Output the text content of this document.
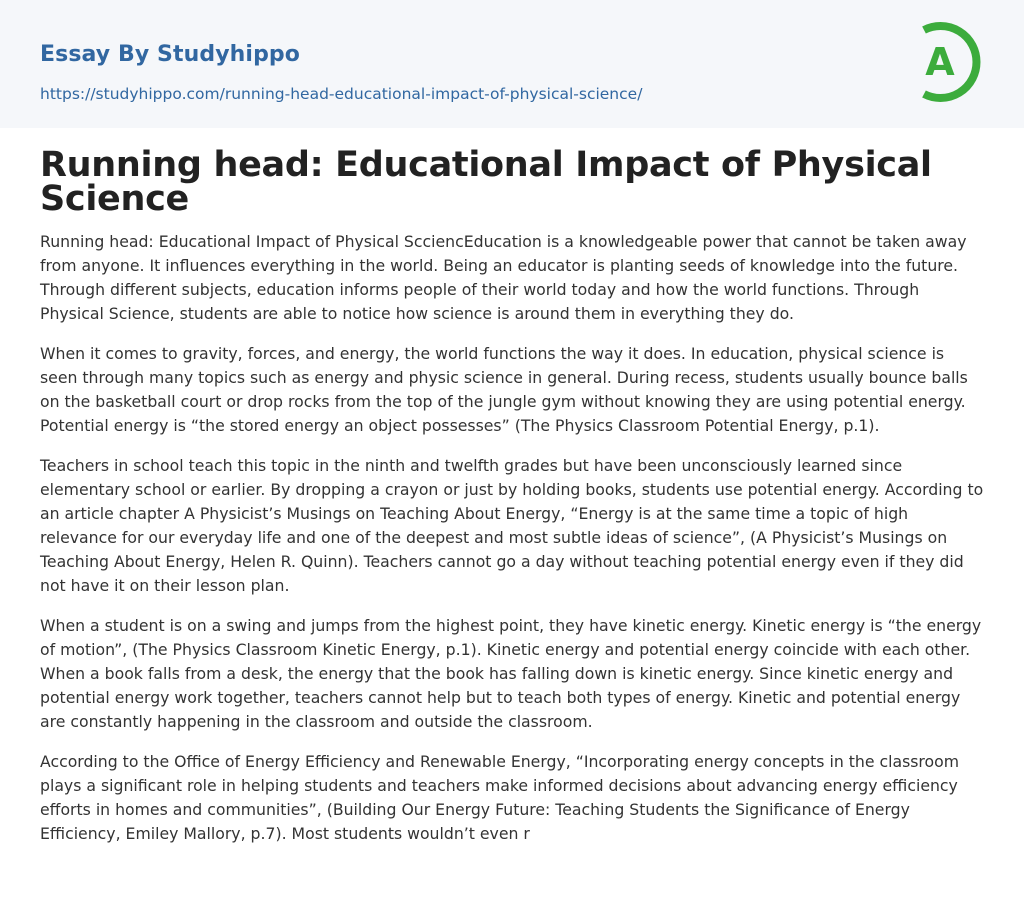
Essay By Studyhippo
https://studyhippo.com/running-head-educational-impact-of-physical-science/
A
Running head: Educational Impact of Physical Science

Running head: Educational Impact of Physical ScciencEducation is a knowledgeable power that cannot be taken away from anyone. It influences everything in the world. Being an educator is planting seeds of knowledge into the future. Through different subjects, education informs people of their world today and how the world functions. Through Physical Science, students are able to notice how science is around them in everything they do.

When it comes to gravity, forces, and energy, the world functions the way it does. In education, physical science is seen through many topics such as energy and physic science in general. During recess, students usually bounce balls on the basketball court or drop rocks from the top of the jungle gym without knowing they are using potential energy. Potential energy is “the stored energy an object possesses” (The Physics Classroom Potential Energy, p.1).

Teachers in school teach this topic in the ninth and twelfth grades but have been unconsciously learned since elementary school or earlier. By dropping a crayon or just by holding books, students use potential energy. According to an article chapter A Physicist’s Musings on Teaching About Energy, “Energy is at the same time a topic of high relevance for our everyday life and one of the deepest and most subtle ideas of science”, (A Physicist’s Musings on Teaching About Energy, Helen R. Quinn). Teachers cannot go a day without teaching potential energy even if they did not have it on their lesson plan.

When a student is on a swing and jumps from the highest point, they have kinetic energy. Kinetic energy is “the energy of motion”, (The Physics Classroom Kinetic Energy, p.1). Kinetic energy and potential energy coincide with each other. When a book falls from a desk, the energy that the book has falling down is kinetic energy. Since kinetic energy and potential energy work together, teachers cannot help but to teach both types of energy. Kinetic and potential energy are constantly happening in the classroom and outside the classroom.

According to the Office of Energy Efficiency and Renewable Energy, “Incorporating energy concepts in the classroom plays a significant role in helping students and teachers make informed decisions about advancing energy efficiency efforts in homes and communities”, (Building Our Energy Future: Teaching Students the Significance of Energy Efficiency, Emiley Mallory, p.7). Most students wouldn’t even r
